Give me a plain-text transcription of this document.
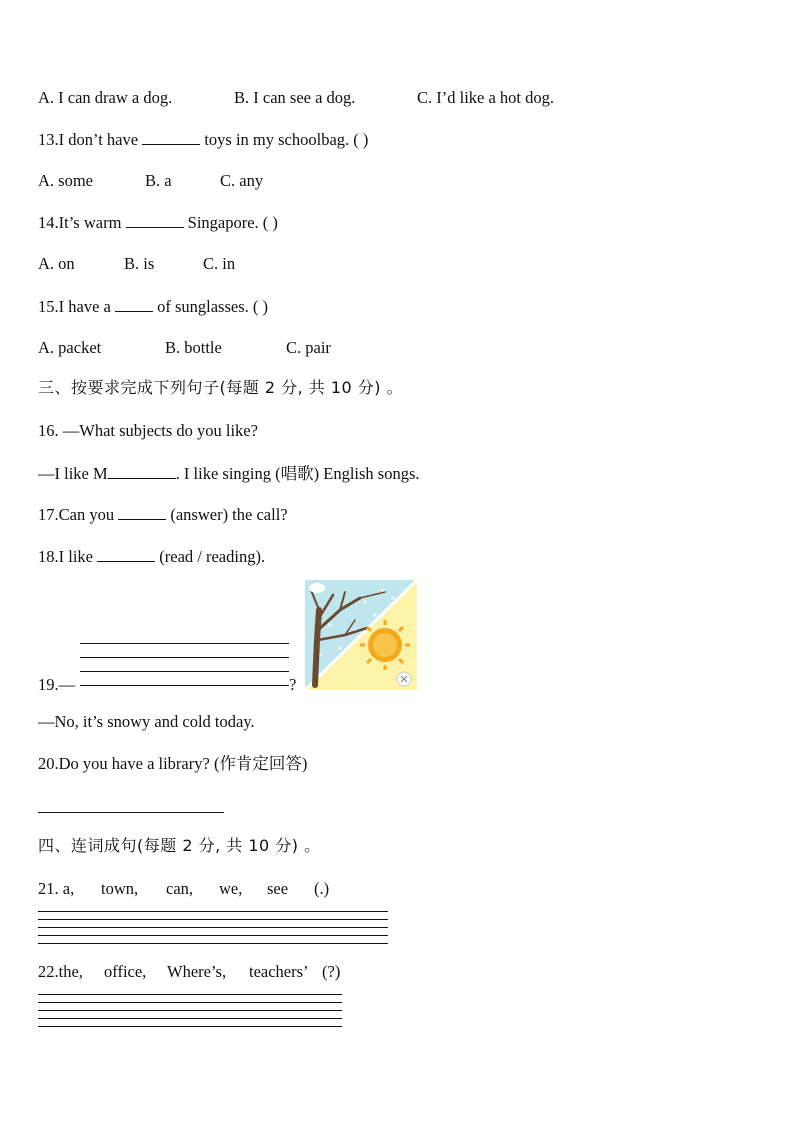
A. I can draw a dog.	B. I can see a dog.	C. I’d like a hot dog.
13.I don’t have	toys in my schoolbag. ( )
A. some	B. a	C. any
14.It’s warm	Singapore. ( )
A. on	B. is	C. in
15.I have a  of sunglasses. ( )
A. packet	B. bottle	C. pair
三、按要求完成下列句子(每题 2 分, 共 10 分) 。
16. —What subjects do you like?
—I like M	. I like singing (唱歌) English songs.
17.Can you	(answer) the call?
18.I like	(read / reading).
19.—	?
—No, it’s snowy and cold today.
20.Do you have a library? (作肯定回答)
四、连词成句(每题 2 分, 共 10 分) 。
21. a, town, can, we, see (.)
22.the, office, Where’s, teachers’ (?)
